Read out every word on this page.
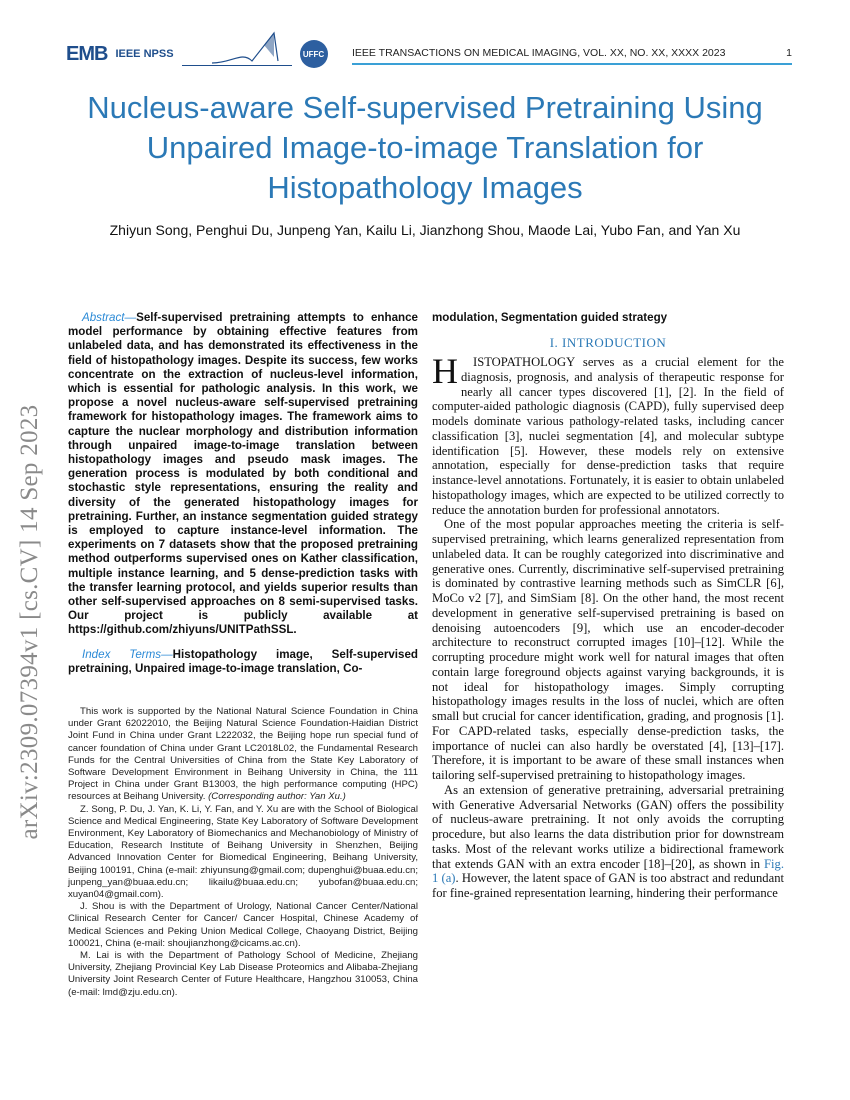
EMB IEEE NPSS	UFFC	IEEE TRANSACTIONS ON MEDICAL IMAGING, VOL. XX, NO. XX, XXXX 2023	1
Nucleus-aware Self-supervised Pretraining Using Unpaired Image-to-image Translation for Histopathology Images
Zhiyun Song, Penghui Du, Junpeng Yan, Kailu Li, Jianzhong Shou, Maode Lai, Yubo Fan, and Yan Xu
arXiv:2309.07394v1 [cs.CV] 14 Sep 2023

Abstract—Self-supervised pretraining attempts to enhance model performance by obtaining effective features from unlabeled data, and has demonstrated its effectiveness in the field of histopathology images. Despite its success, few works concentrate on the extraction of nucleus-level information, which is essential for pathologic analysis. In this work, we propose a novel nucleus-aware self-supervised pretraining framework for histopathology images. The framework aims to capture the nuclear morphology and distribution information through unpaired image-to-image translation between histopathology images and pseudo mask images. The generation process is modulated by both conditional and stochastic style representations, ensuring the reality and diversity of the generated histopathology images for pretraining. Further, an instance segmentation guided strategy is employed to capture instance-level information. The experiments on 7 datasets show that the proposed pretraining method outperforms supervised ones on Kather classification, multiple instance learning, and 5 dense-prediction tasks with the transfer learning protocol, and yields superior results than other self-supervised approaches on 8 semi-supervised tasks. Our project is publicly available at https://github.com/zhiyuns/UNITPathSSL.

Index Terms—Histopathology image, Self-supervised pretraining, Unpaired image-to-image translation, Co-

This work is supported by the National Natural Science Foundation in China under Grant 62022010, the Beijing Natural Science Foundation-Haidian District Joint Fund in China under Grant L222032, the Beijing hope run special fund of cancer foundation of China under Grant LC2018L02, the Fundamental Research Funds for the Central Universities of China from the State Key Laboratory of Software Development Environment in Beihang University in China, the 111 Project in China under Grant B13003, the high performance computing (HPC) resources at Beihang University. (Corresponding author: Yan Xu.)

Z. Song, P. Du, J. Yan, K. Li, Y. Fan, and Y. Xu are with the School of Biological Science and Medical Engineering, State Key Laboratory of Software Development Environment, Key Laboratory of Biomechanics and Mechanobiology of Ministry of Education, Research Institute of Beihang University in Shenzhen, Beijing Advanced Innovation Center for Biomedical Engineering, Beihang University, Beijing 100191, China (e-mail: zhiyunsung@gmail.com; dupenghui@buaa.edu.cn; junpeng_yan@buaa.edu.cn; likailu@buaa.edu.cn; yubofan@buaa.edu.cn; xuyan04@gmail.com).

J. Shou is with the Department of Urology, National Cancer Center/National Clinical Research Center for Cancer/ Cancer Hospital, Chinese Academy of Medical Sciences and Peking Union Medical College, Chaoyang District, Beijing 100021, China (e-mail: shoujianzhong@cicams.ac.cn).

M. Lai is with the Department of Pathology School of Medicine, Zhejiang University, Zhejiang Provincial Key Lab Disease Proteomics and Alibaba-Zhejiang University Joint Research Center of Future Healthcare, Hangzhou 310053, China (e-mail: lmd@zju.edu.cn).

modulation, Segmentation guided strategy

I. INTRODUCTION

H ISTOPATHOLOGY serves as a crucial element for the diagnosis, prognosis, and analysis of therapeutic response for nearly all cancer types discovered [1], [2]. In the field of computer-aided pathologic diagnosis (CAPD), fully supervised deep models dominate various pathology-related tasks, including cancer classification [3], nuclei segmentation [4], and molecular subtype identification [5]. However, these models rely on extensive annotation, especially for dense-prediction tasks that require instance-level annotations. Fortunately, it is easier to obtain unlabeled histopathology images, which are expected to be utilized correctly to reduce the annotation burden for professional annotators.

One of the most popular approaches meeting the criteria is self-supervised pretraining, which learns generalized representation from unlabeled data. It can be roughly categorized into discriminative and generative ones. Currently, discriminative self-supervised pretraining is dominated by contrastive learning methods such as SimCLR [6], MoCo v2 [7], and SimSiam [8]. On the other hand, the most recent development in generative self-supervised pretraining is based on denoising autoencoders [9], which use an encoder-decoder architecture to reconstruct corrupted images [10]–[12]. While the corrupting procedure might work well for natural images that often contain large foreground objects against varying backgrounds, it is not ideal for histopathology images. Simply corrupting histopathology images results in the loss of nuclei, which are often small but crucial for cancer identification, grading, and prognosis [1]. For CAPD-related tasks, especially dense-prediction tasks, the importance of nuclei can also hardly be overstated [4], [13]–[17]. Therefore, it is important to be aware of these small instances when tailoring self-supervised pretraining to histopathology images.

As an extension of generative pretraining, adversarial pretraining with Generative Adversarial Networks (GAN) offers the possibility of nucleus-aware pretraining. It not only avoids the corrupting procedure, but also learns the data distribution prior for downstream tasks. Most of the relevant works utilize a bidirectional framework that extends GAN with an extra encoder [18]–[20], as shown in Fig. 1 (a). However, the latent space of GAN is too abstract and redundant for fine-grained representation learning, hindering their performance
